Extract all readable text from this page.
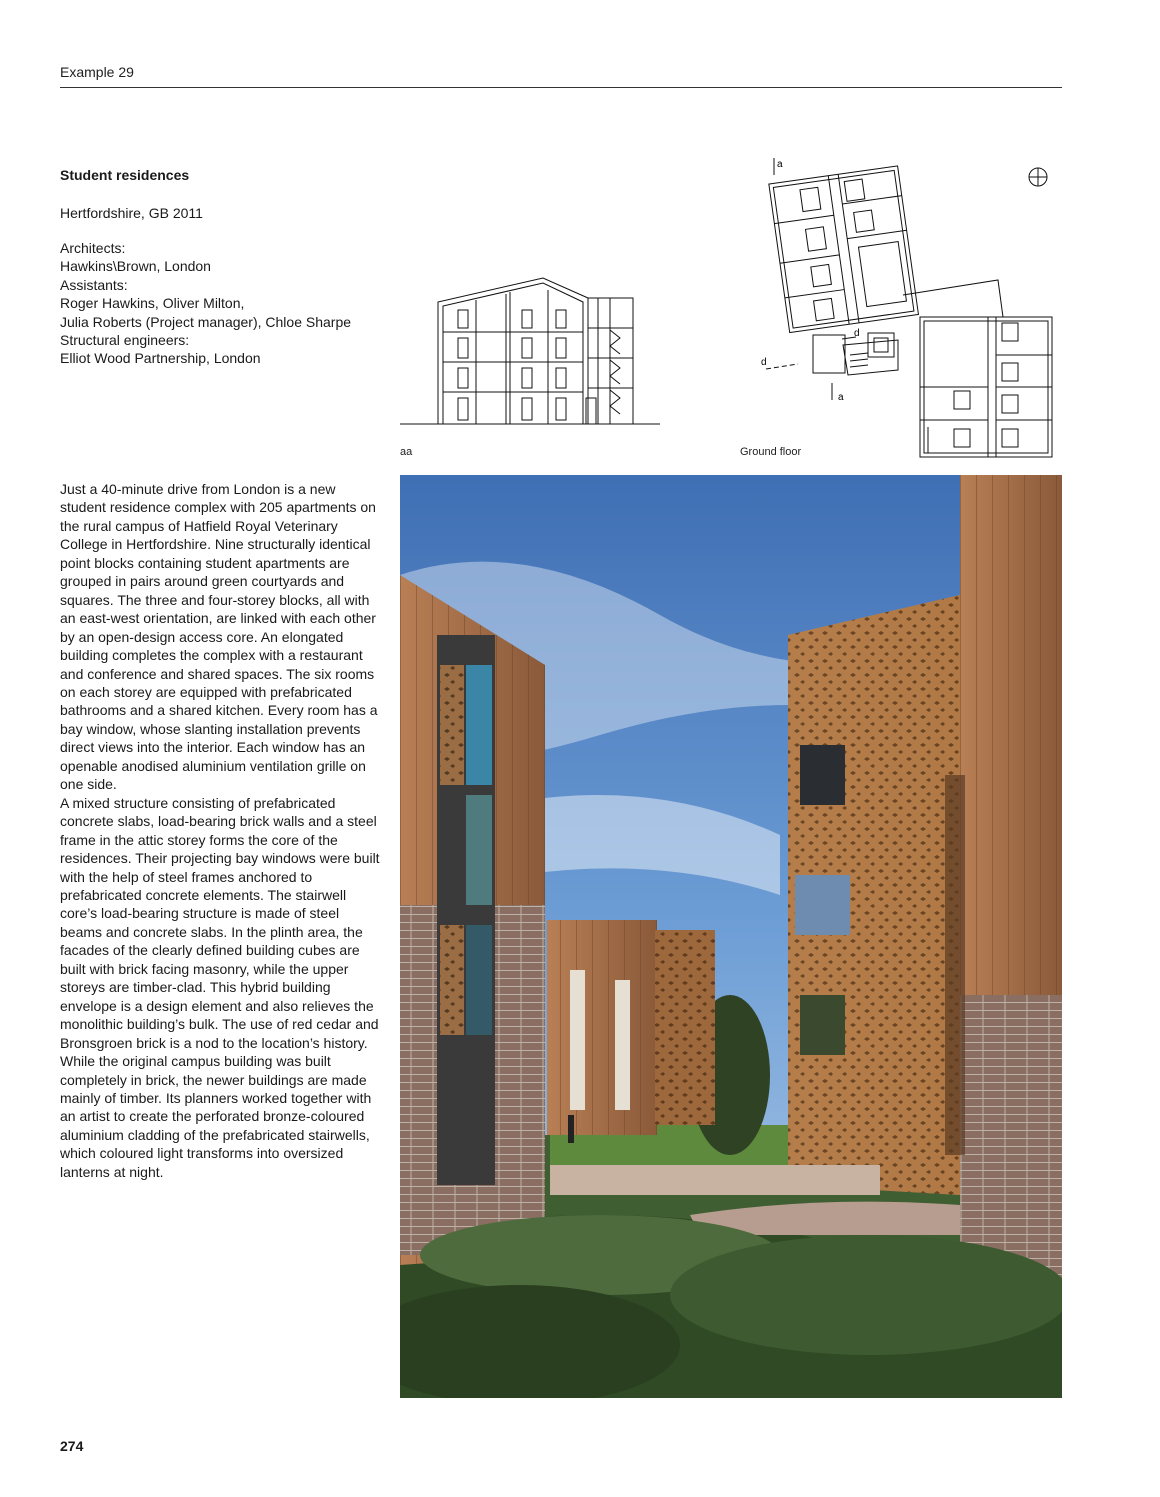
Example 29
Student residences
Hertfordshire, GB 2011
Architects:
Hawkins\Brown, London
Assistants:
Roger Hawkins, Oliver Milton,
Julia Roberts (Project manager), Chloe Sharpe
Structural engineers:
Elliot Wood Partnership, London
a
a
d
d
aa	Ground floor

Just a 40-minute drive from London is a new student residence complex with 205 apartments on the rural campus of Hatfield Royal Veterinary College in Hertfordshire. Nine structurally identical point blocks containing student apartments are grouped in pairs around green courtyards and squares. The three and four-storey blocks, all with an east-west orientation, are linked with each other by an open-design access core. An elongated building completes the complex with a restaurant and conference and shared spaces. The six rooms on each storey are equipped with prefabricated bathrooms and a shared kitchen. Every room has a bay window, whose slanting installation prevents direct views into the interior. Each window has an openable anodised aluminium ventilation grille on one side.

A mixed structure consisting of prefabricated concrete slabs, load-bearing brick walls and a steel frame in the attic storey forms the core of the residences. Their projecting bay windows were built with the help of steel frames anchored to prefabricated concrete elements. The stairwell core’s load-bearing structure is made of steel beams and concrete slabs. In the plinth area, the facades of the clearly defined building cubes are built with brick facing masonry, while the upper storeys are timber-clad. This hybrid building envelope is a design element and also relieves the monolithic building’s bulk. The use of red cedar and Bronsgroen brick is a nod to the location’s history. While the original campus building was built completely in brick, the newer buildings are made mainly of timber. Its planners worked together with an artist to create the perforated bronze-coloured aluminium cladding of the prefabricated stairwells, which coloured light transforms into oversized lanterns at night.

274
